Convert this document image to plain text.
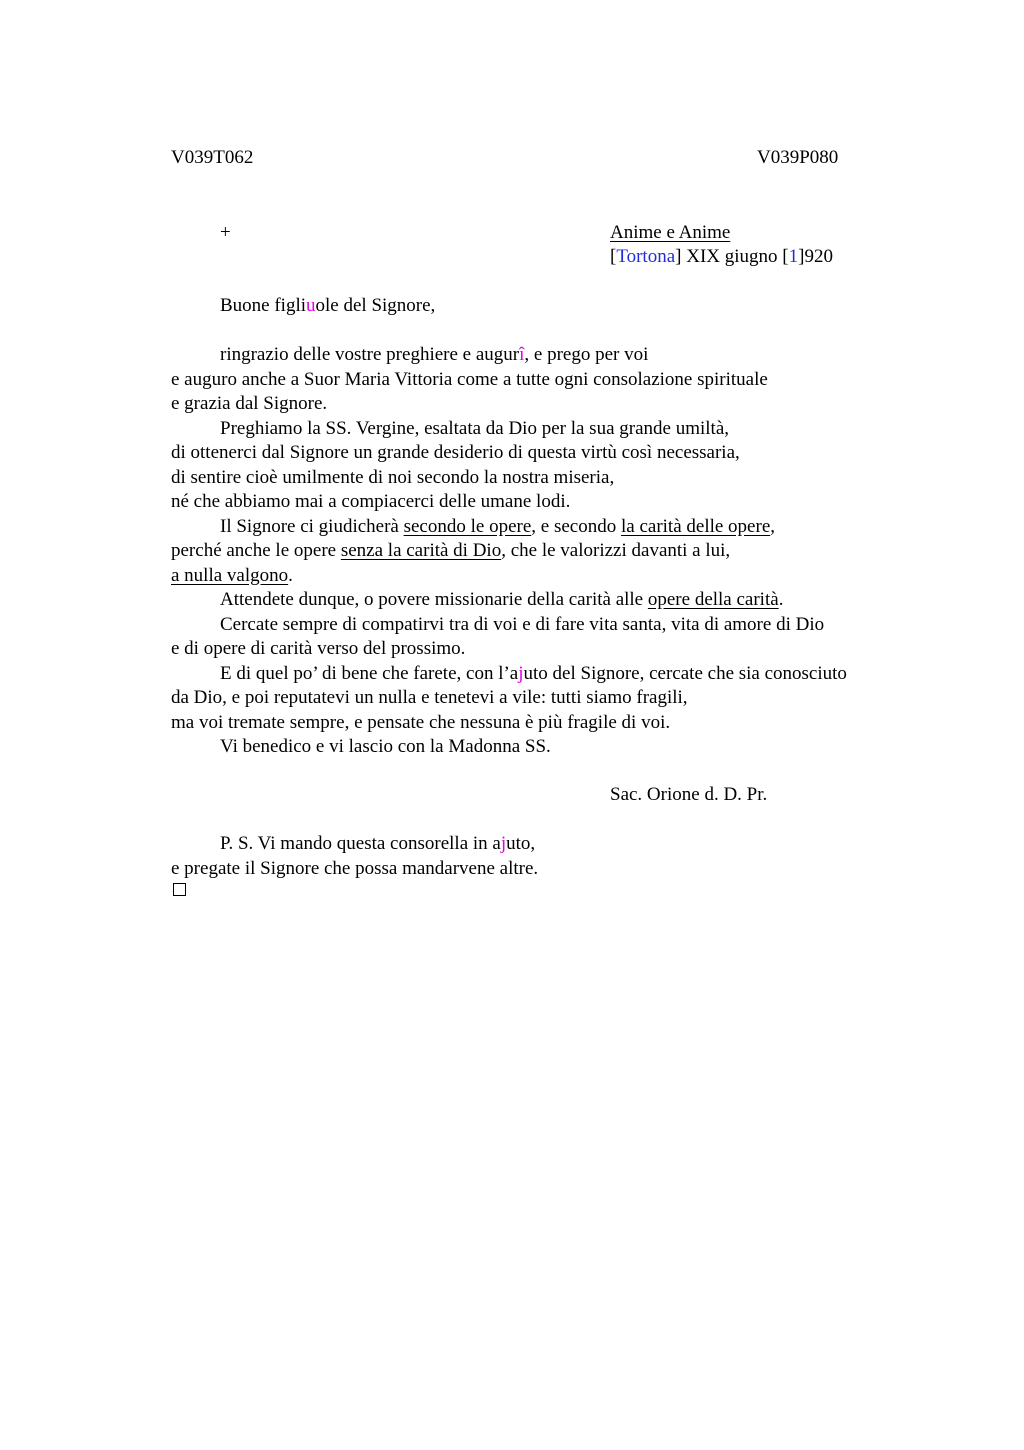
V039T062	V039P080
+	Anime e Anime
[Tortona] XIX giugno [1]920
Buone figliuole del Signore,
ringrazio delle vostre preghiere e augurî, e prego per voi
e auguro anche a Suor Maria Vittoria come a tutte ogni consolazione spirituale
e grazia dal Signore.
Preghiamo la SS. Vergine, esaltata da Dio per la sua grande umiltà,
di ottenerci dal Signore un grande desiderio di questa virtù così necessaria,
di sentire cioè umilmente di noi secondo la nostra miseria,
né che abbiamo mai a compiacerci delle umane lodi.
Il Signore ci giudicherà secondo le opere, e secondo la carità delle opere,
perché anche le opere senza la carità di Dio, che le valorizzi davanti a lui,
a nulla valgono.
Attendete dunque, o povere missionarie della carità alle opere della carità.
Cercate sempre di compatirvi tra di voi e di fare vita santa, vita di amore di Dio
e di opere di carità verso del prossimo.
E di quel po’ di bene che farete, con l’ajuto del Signore, cercate che sia conosciuto
da Dio, e poi reputatevi un nulla e tenetevi a vile: tutti siamo fragili,
ma voi tremate sempre, e pensate che nessuna è più fragile di voi.
Vi benedico e vi lascio con la Madonna SS.
Sac. Orione d. D. Pr.
P. S. Vi mando questa consorella in ajuto,
e pregate il Signore che possa mandarvene altre.
